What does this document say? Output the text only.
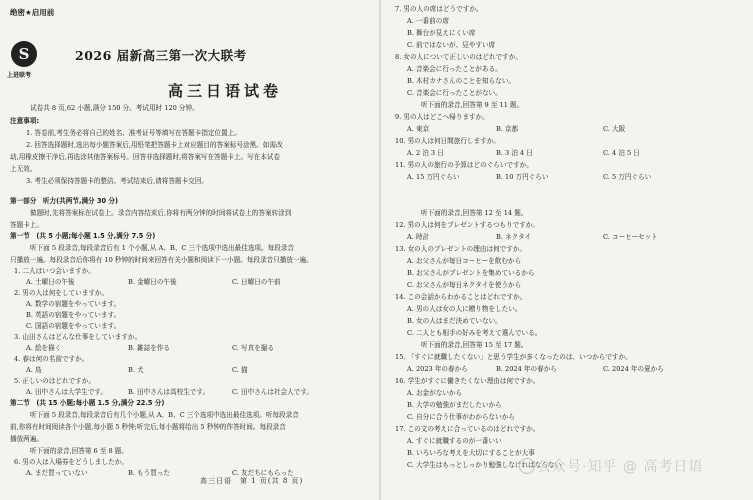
绝密★启用前
S
上进联考
2026 届新高三第一次大联考
高三日语试卷
试卷共 8 页,62 小题,满分 150 分。考试用时 120 分钟。
注意事项:
1. 答卷前,考生务必将自己的姓名、准考证号等填写在答题卡指定位置上。
2. 回答选择题时,选出每小题答案后,用铅笔把答题卡上对应题目的答案标号涂黑。如需改
动,用橡皮擦干净后,再选涂其他答案标号。回答非选择题时,将答案写在答题卡上。写在本试卷
上无效。
3. 考生必须保持答题卡的整洁。考试结束后,请将答题卡交回。
第一部分　听力(共两节,满分 30 分)
做题时,先将答案标在试卷上。录音内容结束后,你将有两分钟的时间将试卷上的答案转涂到
答题卡上。
第一节　(共 5 小题;每小题 1.5 分,满分 7.5 分)
听下面 5 段录音,每段录音后有 1 个小题,从 A、B、C 三个选项中选出最佳选项。每段录音
只播放一遍。每段录音后你将有 10 秒钟的时间来回答有关小题和阅读下一小题。每段录音只播放一遍。
1. 二人はいつ会いますか。
2. 男の人は何をしていますか。
A. 数学の宿題をやっています。
B. 英語の宿題をやっています。
C. 国語の宿題をやっています。
3. 山田さんはどんな仕事をしていますか。
4. 春は何の名前ですか。
5. 正しいのはどれですか。
第二节　(共 15 小题;每小题 1.5 分,满分 22.5 分)
听下面 5 段录音,每段录音后有几个小题,从 A、B、C 三个选项中选出最佳选项。听每段录音
前,你将有时间阅读各个小题,每小题 5 秒钟;听完后,每小题将给出 5 秒钟的作答时间。每段录音
播放两遍。
听下面的录音,回答第 6 至 8 题。
6. 男の人は入場券をどうしましたか。
A. 土曜日の午後	B. 金曜日の午後	C. 日曜日の午前
A. 絵を描く	B. 雑誌を作る	C. 写真を撮る
A. 鳥	B. 犬	C. 猫
A. 田中さんは大学生です。	B. 田中さんは高校生です。	C. 田中さんは社会人です。
A. まだ買っていない	B. もう買った	C. 友だちにもらった
7. 男の人の席はどうですか。
A. 一番前の席
B. 舞台が見えにくい席
C. 前ではないが、見やすい席
8. 女の人について正しいのはどれですか。
A. 音楽会に行ったことがある。
B. 木村カナさんのことを知らない。
C. 音楽会に行ったことがない。
听下面的录音,回答第 9 至 11 题。
9. 男の人はどこへ帰りますか。
10. 男の人は何日間旅行しますか。
11. 男の人の旅行の予算はどのぐらいですか。
听下面的录音,回答第 12 至 14 题。
12. 男の人は何をプレゼントするつもりですか。
13. 女の人のプレゼントの理由は何ですか。
A. お父さんが毎日コーヒーを飲むから
B. お父さんがプレゼントを集めているから
C. お父さんが毎日ネクタイを使うから
14. この会話からわかることはどれですか。
A. 男の人は女の人に贈り物をしたい。
B. 女の人はまだ決めていない。
C. 二人とも相手の好みを考えて選んでいる。
听下面的录音,回答第 15 至 17 题。
15. 「すぐに就職したくない」と思う学生が多くなったのは、いつからですか。
16. 学生がすぐに働きたくない理由は何ですか。
A. お金がないから
B. 大学の勉強がまだしたいから
C. 自分に合う仕事がわからないから
17. この文の考えに合っているのはどれですか。
A. すぐに就職するのが一番いい
B. いろいろな考えを大切にすることが大事
C. 大学生はもっとしっかり勉強しなければならない
A. 東京	B. 京都	C. 大阪
A. 2 泊 3 日	B. 3 泊 4 日	C. 4 泊 5 日
A. 15 万円ぐらい	B. 10 万円ぐらい	C. 5 万円ぐらい
A. 時計	B. ネクタイ	C. コーヒーセット
A. 2023 年の春から	B. 2024 年の春から	C. 2024 年の夏から
高三日语　第 1 页(共 8 页)
公众号·知乎 @ 高考日语
